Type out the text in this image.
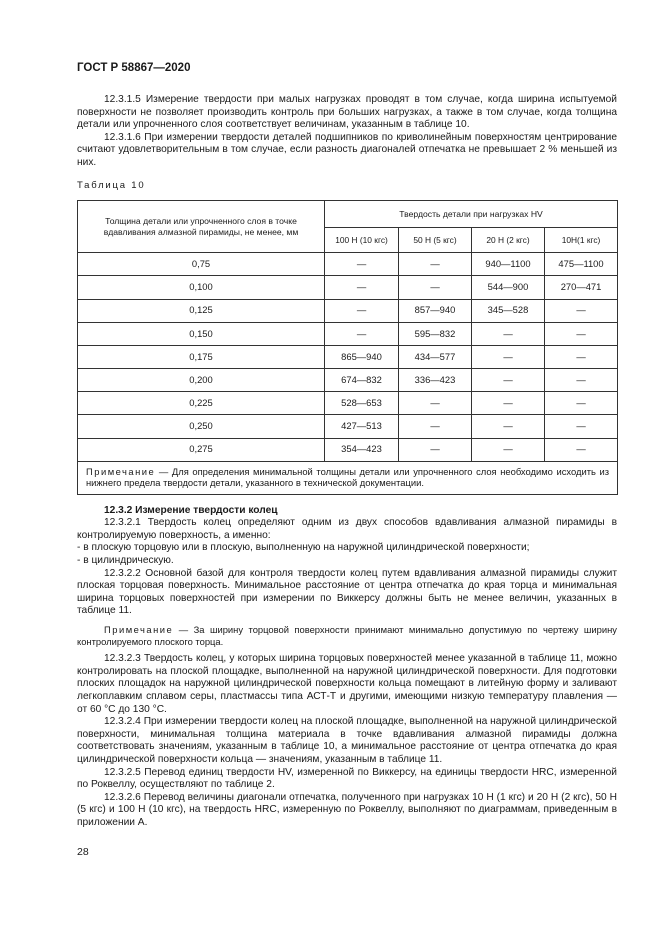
ГОСТ Р 58867—2020

12.3.1.5 Измерение твердости при малых нагрузках проводят в том случае, когда ширина испытуемой поверхности не позволяет производить контроль при больших нагрузках, а также в том случае, когда толщина детали или упрочненного слоя соответствует величинам, указанным в таблице 10.

12.3.1.6 При измерении твердости деталей подшипников по криволинейным поверхностям центрирование считают удовлетворительным в том случае, если разность диагоналей отпечатка не превышает 2 % меньшей из них.

Таблица 10

Толщина детали или упрочненного слоя в точке вдавливания алмазной пирамиды, не менее, мм	Твердость детали при нагрузках HV			
	100 Н (10 кгс)	50 Н (5 кгс)	20 Н (2 кгс)	10Н(1 кгс)
0,75	—	—	940—1100	475—1100
0,100	—	—	544—900	270—471
0,125	—	857—940	345—528	—
0,150	—	595—832	—	—
0,175	865—940	434—577	—	—
0,200	674—832	336—423	—	—
0,225	528—653	—	—	—
0,250	427—513	—	—	—
0,275	354—423	—	—	—
Примечание — Для определения минимальной толщины детали или упрочненного слоя необходимо исходить из нижнего предела твердости детали, указанного в технической документации.				

12.3.2 Измерение твердости колец

12.3.2.1 Твердость колец определяют одним из двух способов вдавливания алмазной пирамиды в контролируемую поверхность, а именно:

- в плоскую торцовую или в плоскую, выполненную на наружной цилиндрической поверхности;

- в цилиндрическую.

12.3.2.2 Основной базой для контроля твердости колец путем вдавливания алмазной пирамиды служит плоская торцовая поверхность. Минимальное расстояние от центра отпечатка до края торца и минимальная ширина торцовых поверхностей при измерении по Виккерсу должны быть не менее величин, указанных в таблице 11.

Примечание — За ширину торцовой поверхности принимают минимально допустимую по чертежу ширину контролируемого плоского торца.

12.3.2.3 Твердость колец, у которых ширина торцовых поверхностей менее указанной в таблице 11, можно контролировать на плоской площадке, выполненной на наружной цилиндрической поверхности. Для подготовки плоских площадок на наружной цилиндрической поверхности кольца помещают в литейную форму и заливают легкоплавким сплавом серы, пластмассы типа АСТ-Т и другими, имеющими низкую температуру плавления — от 60 °С до 130 °С.

12.3.2.4 При измерении твердости колец на плоской площадке, выполненной на наружной цилиндрической поверхности, минимальная толщина материала в точке вдавливания алмазной пирамиды должна соответствовать значениям, указанным в таблице 10, а минимальное расстояние от центра отпечатка до края цилиндрической поверхности кольца — значениям, указанным в таблице 11.

12.3.2.5 Перевод единиц твердости HV, измеренной по Виккерсу, на единицы твердости HRC, измеренной по Роквеллу, осуществляют по таблице 2.

12.3.2.6 Перевод величины диагонали отпечатка, полученного при нагрузках 10 Н (1 кгс) и 20 Н (2 кгс), 50 Н (5 кгс) и 100 Н (10 кгс), на твердость HRC, измеренную по Роквеллу, выполняют по диаграммам, приведенным в приложении А.

28
